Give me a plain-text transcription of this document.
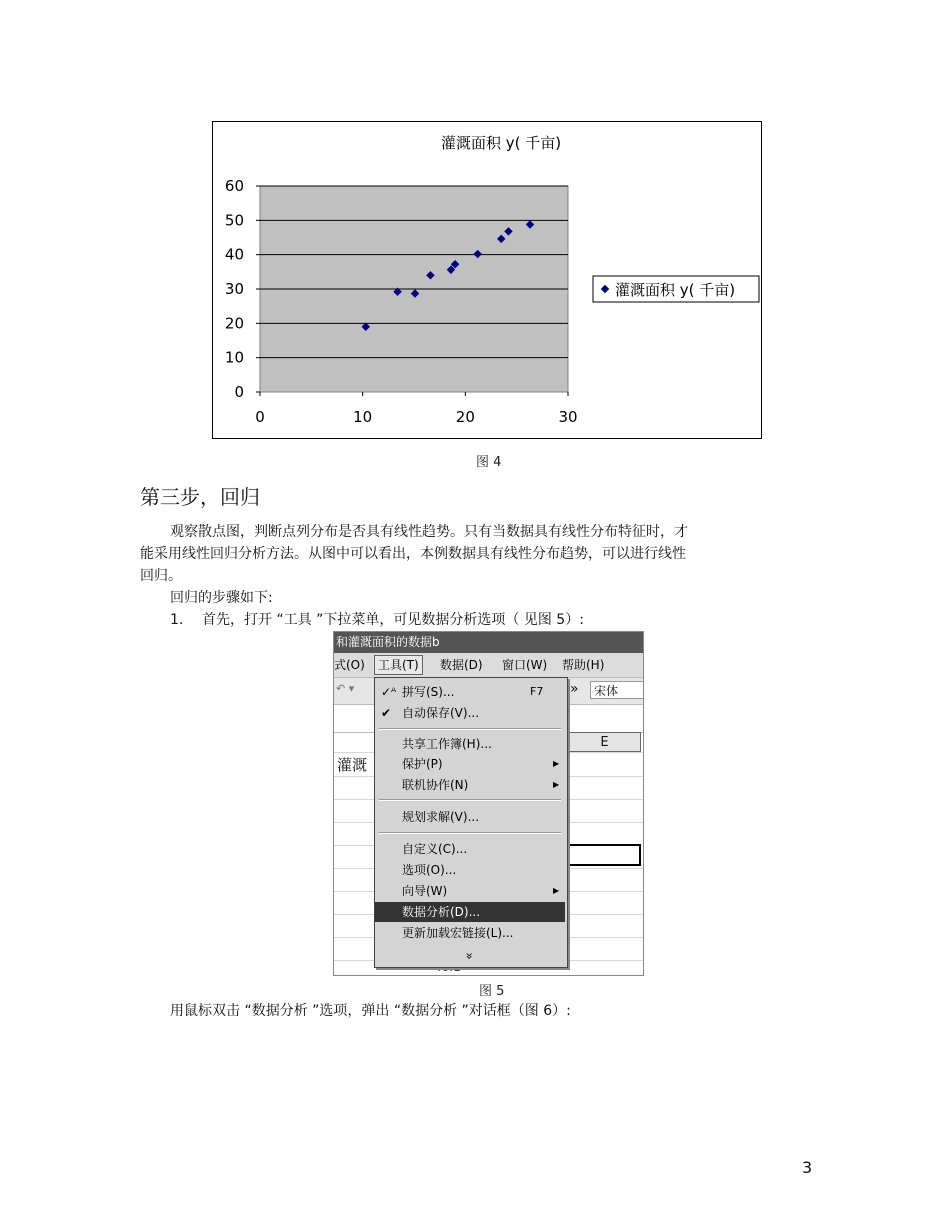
灌溉面积 y( 千亩)
0
10
20
30
40
50
60
0	10	20	30
灌溉面积 y( 千亩)
图 4
第三步，回归
观察散点图，判断点列分布是否具有线性趋势。只有当数据具有线性分布特征时，才
能采用线性回归分析方法。从图中可以看出，本例数据具有线性分布趋势，可以进行线性
回归。
回归的步骤如下:
1. 首先，打开 “工具 ”下拉菜单，可见数据分析选项（ 见图 5）:
和灌溉面积的数据b
式(O)	工具(T)	数据(D) 窗口(W) 帮助(H)
↶ ▾	»	宋体
E
灌溉
✓ᴬ 拼写(S)...	F7
✔ 自动保存(V)...
共享工作簿(H)...
保护(P)	▶
联机协作(N)	▶
规划求解(V)...
自定义(C)...
选项(O)...
向导(W)	▶
数据分析(D)...
更新加载宏链接(L)...
»
图 5
用鼠标双击 “数据分析 ”选项，弹出 “数据分析 ”对话框（图 6）:
3
